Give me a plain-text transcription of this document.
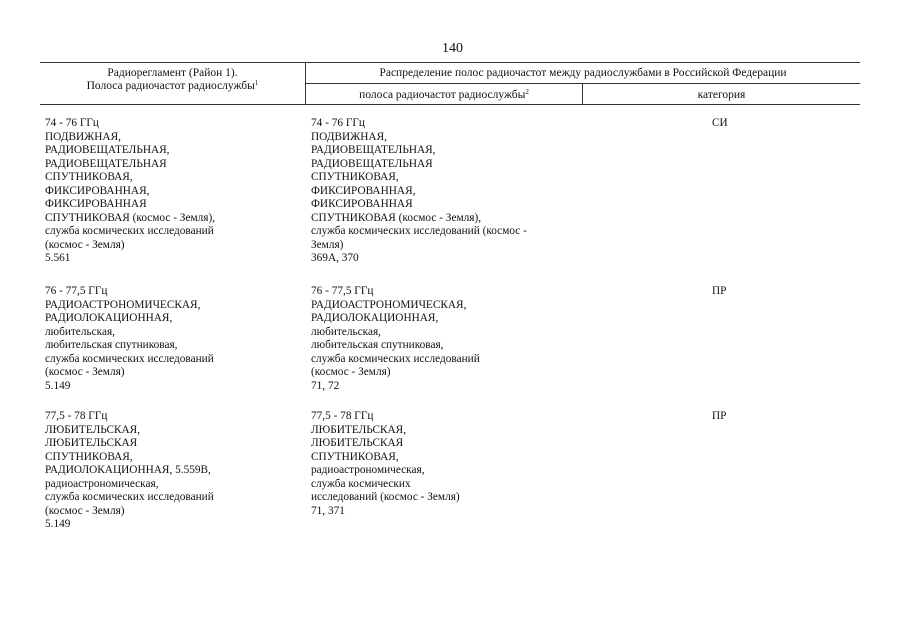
140
Радиорегламент (Район 1).
Полоса радиочастот радиослужбы$^1$
Распределение полос радиочастот между радиослужбами в Российской Федерации
полоса радиочастот радиослужбы$^2$	категория
74 - 76 ГГц
ПОДВИЖНАЯ,
РАДИОВЕЩАТЕЛЬНАЯ,
РАДИОВЕЩАТЕЛЬНАЯ
СПУТНИКОВАЯ,
ФИКСИРОВАННАЯ,
ФИКСИРОВАННАЯ
СПУТНИКОВАЯ (космос - Земля),
служба космических исследований
(космос - Земля)
5.561
74 - 76 ГГц
ПОДВИЖНАЯ,
РАДИОВЕЩАТЕЛЬНАЯ,
РАДИОВЕЩАТЕЛЬНАЯ
СПУТНИКОВАЯ,
ФИКСИРОВАННАЯ,
ФИКСИРОВАННАЯ
СПУТНИКОВАЯ (космос - Земля),
служба космических исследований (космос -
Земля)
369А, 370
СИ
76 - 77,5 ГГц
РАДИОАСТРОНОМИЧЕСКАЯ,
РАДИОЛОКАЦИОННАЯ,
любительская,
любительская спутниковая,
служба космических исследований
(космос - Земля)
5.149
76 - 77,5 ГГц
РАДИОАСТРОНОМИЧЕСКАЯ,
РАДИОЛОКАЦИОННАЯ,
любительская,
любительская спутниковая,
служба космических исследований
(космос - Земля)
71, 72
ПР
77,5 - 78 ГГц
ЛЮБИТЕЛЬСКАЯ,
ЛЮБИТЕЛЬСКАЯ
СПУТНИКОВАЯ,
РАДИОЛОКАЦИОННАЯ, 5.559В,
радиоастрономическая,
служба космических исследований
(космос - Земля)
5.149
77,5 - 78 ГГц
ЛЮБИТЕЛЬСКАЯ,
ЛЮБИТЕЛЬСКАЯ
СПУТНИКОВАЯ,
радиоастрономическая,
служба космических
исследований (космос - Земля)
71, 371
ПР
